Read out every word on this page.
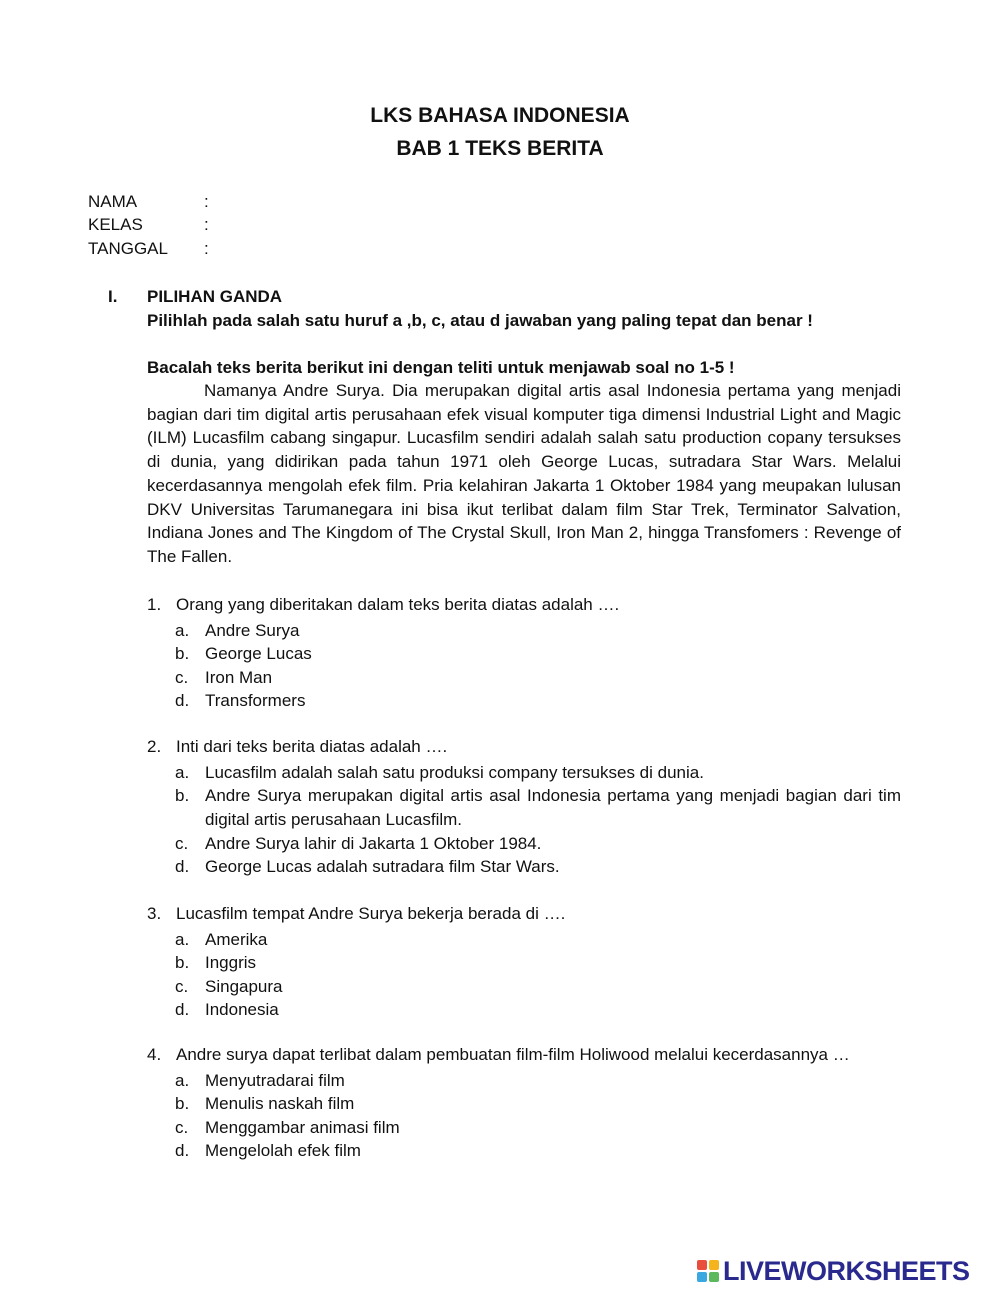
LKS BAHASA INDONESIA
BAB 1 TEKS BERITA
NAMA	:
KELAS	:
TANGGAL :
I. PILIHAN GANDA
Pilihlah pada salah satu huruf a ,b, c, atau d jawaban yang paling tepat dan benar !
Bacalah teks berita berikut ini dengan teliti untuk menjawab soal no 1-5 !

Namanya Andre Surya. Dia merupakan digital artis asal Indonesia pertama yang menjadi bagian dari tim digital artis perusahaan efek visual komputer tiga dimensi Industrial Light and Magic (ILM) Lucasfilm cabang singapur. Lucasfilm sendiri adalah salah satu production copany tersukses di dunia, yang didirikan pada tahun 1971 oleh George Lucas, sutradara Star Wars. Melalui kecerdasannya mengolah efek film. Pria kelahiran Jakarta 1 Oktober 1984 yang meupakan lulusan DKV Universitas Tarumanegara ini bisa ikut terlibat dalam film Star Trek, Terminator Salvation, Indiana Jones and The Kingdom of The Crystal Skull, Iron Man 2, hingga Transfomers : Revenge of The Fallen.

1. Orang yang diberitakan dalam teks berita diatas adalah ….
a. Andre Surya
b. George Lucas
c. Iron Man
d. Transformers
2. Inti dari teks berita diatas adalah ….
a. Lucasfilm adalah salah satu produksi company tersukses di dunia.
b. Andre Surya merupakan digital artis asal Indonesia pertama yang menjadi bagian dari tim digital artis perusahaan Lucasfilm.
c. Andre Surya lahir di Jakarta 1 Oktober 1984.
d. George Lucas adalah sutradara film Star Wars.
3. Lucasfilm tempat Andre Surya bekerja berada di ….
a. Amerika
b. Inggris
c. Singapura
d. Indonesia
4. Andre surya dapat terlibat dalam pembuatan film-film Holiwood melalui kecerdasannya …
a. Menyutradarai film
b. Menulis naskah film
c. Menggambar animasi film
d. Mengelolah efek film
LIVEWORKSHEETS
